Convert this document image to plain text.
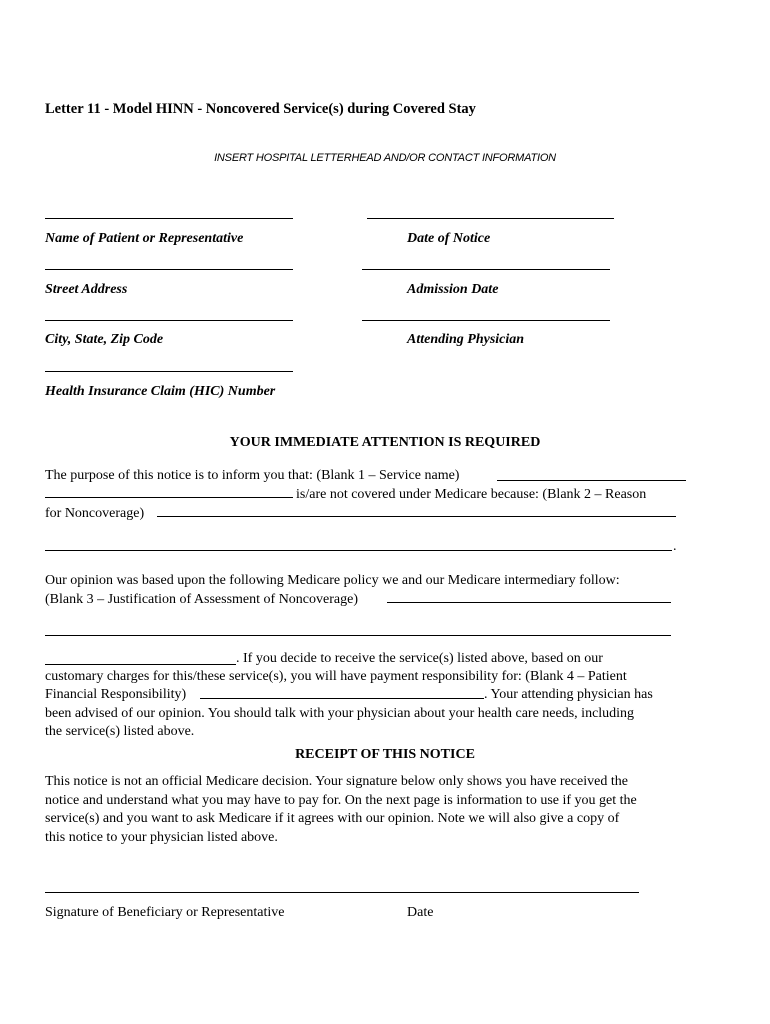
Letter 11 - Model HINN - Noncovered Service(s) during Covered Stay
INSERT HOSPITAL LETTERHEAD AND/OR CONTACT INFORMATION
Name of Patient or Representative	Date of Notice
Street Address	Admission Date
City, State, Zip Code	Attending Physician
Health Insurance Claim (HIC) Number
YOUR IMMEDIATE ATTENTION IS REQUIRED
The purpose of this notice is to inform you that: (Blank 1 – Service name)
is/are not covered under Medicare because: (Blank 2 – Reason
for Noncoverage)
.
Our opinion was based upon the following Medicare policy we and our Medicare intermediary follow:
(Blank 3 – Justification of Assessment of Noncoverage)
. If you decide to receive the service(s) listed above, based on our
customary charges for this/these service(s), you will have payment responsibility for: (Blank 4 – Patient
Financial Responsibility)	. Your attending physician has
been advised of our opinion. You should talk with your physician about your health care needs, including
the service(s) listed above.
RECEIPT OF THIS NOTICE
This notice is not an official Medicare decision. Your signature below only shows you have received the
notice and understand what you may have to pay for. On the next page is information to use if you get the
service(s) and you want to ask Medicare if it agrees with our opinion. Note we will also give a copy of
this notice to your physician listed above.
Signature of Beneficiary or Representative	Date
